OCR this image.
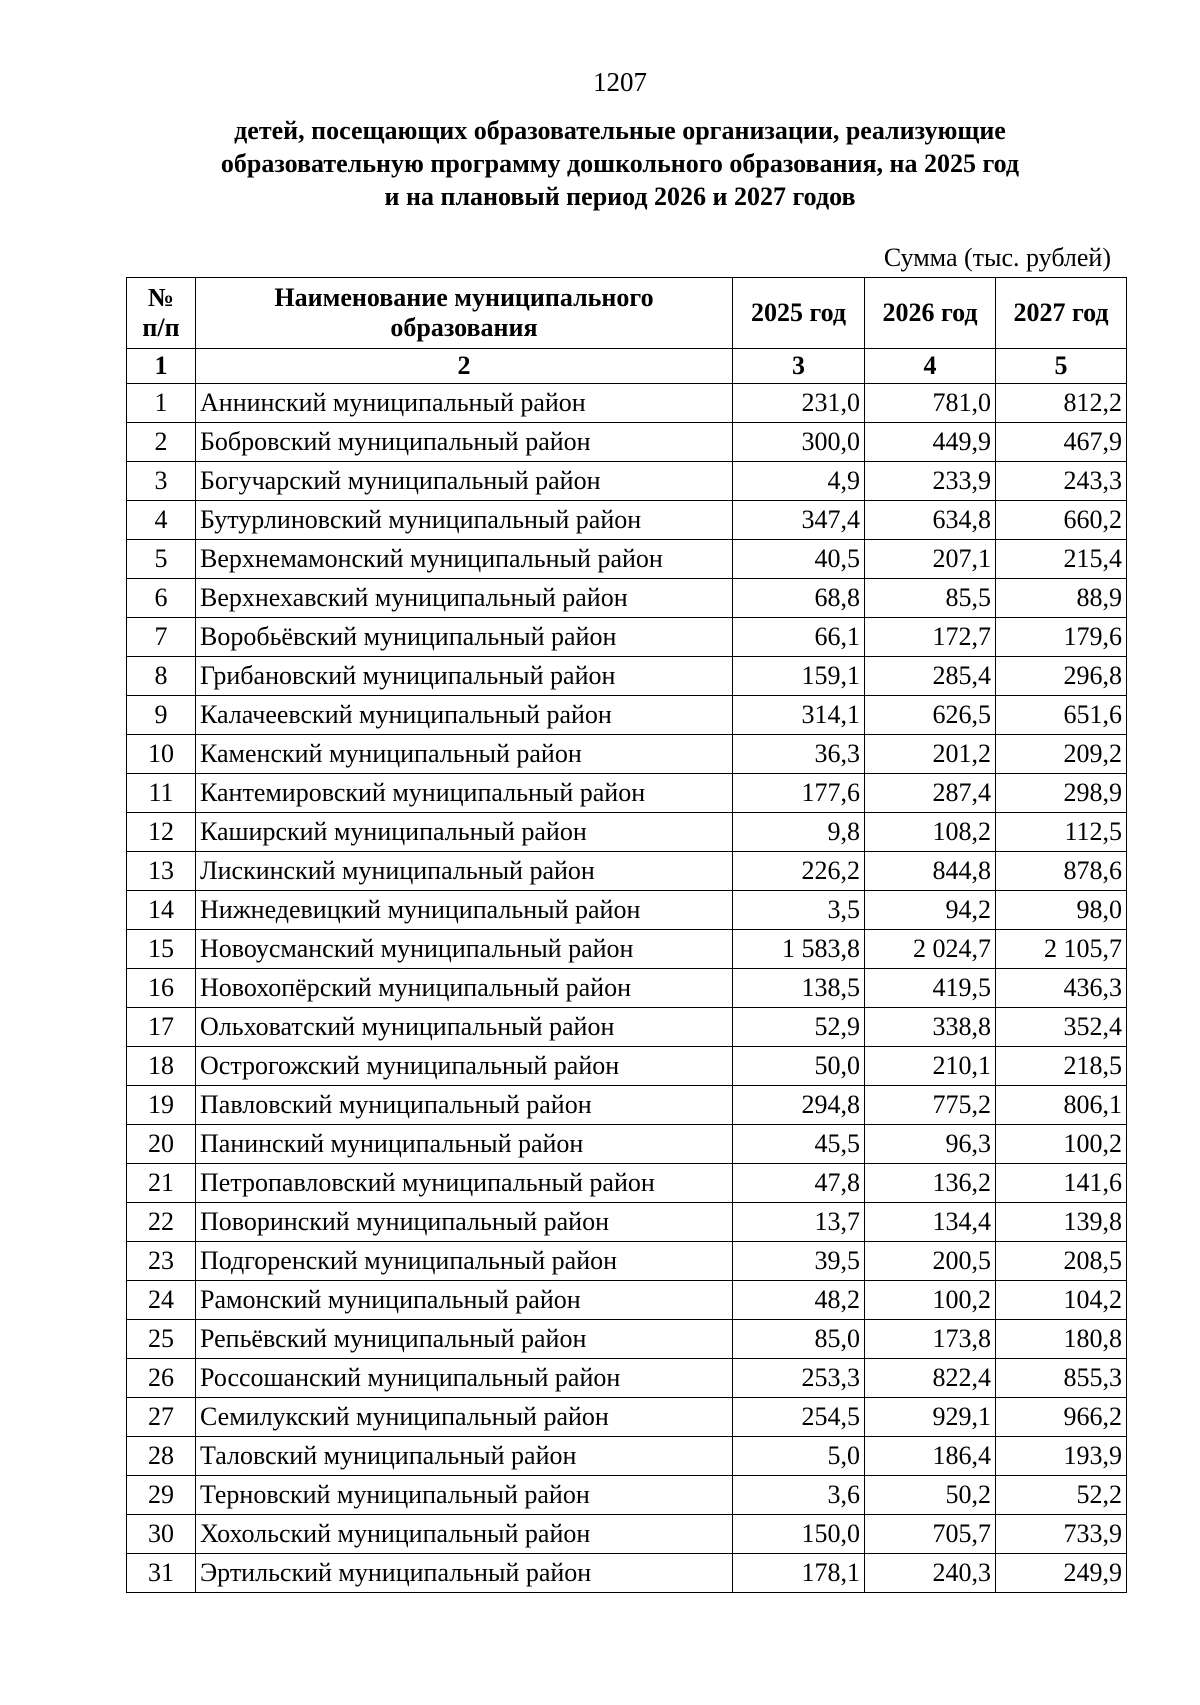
1207
детей, посещающих образовательные организации, реализующие
образовательную программу дошкольного образования, на 2025 год
и на плановый период 2026 и 2027 годов
Сумма (тыс. рублей)
№ п/п	Наименование муниципального образования	2025 год	2026 год	2027 год
1	2	3	4	5
1	Аннинский муниципальный район	231,0	781,0	812,2
2	Бобровский муниципальный район	300,0	449,9	467,9
3	Богучарский муниципальный район	4,9	233,9	243,3
4	Бутурлиновский муниципальный район	347,4	634,8	660,2
5	Верхнемамонский муниципальный район	40,5	207,1	215,4
6	Верхнехавский муниципальный район	68,8	85,5	88,9
7	Воробьёвский муниципальный район	66,1	172,7	179,6
8	Грибановский муниципальный район	159,1	285,4	296,8
9	Калачеевский муниципальный район	314,1	626,5	651,6
10	Каменский муниципальный район	36,3	201,2	209,2
11	Кантемировский муниципальный район	177,6	287,4	298,9
12	Каширский муниципальный район	9,8	108,2	112,5
13	Лискинский муниципальный район	226,2	844,8	878,6
14	Нижнедевицкий муниципальный район	3,5	94,2	98,0
15	Новоусманский муниципальный район	1 583,8	2 024,7	2 105,7
16	Новохопёрский муниципальный район	138,5	419,5	436,3
17	Ольховатский муниципальный район	52,9	338,8	352,4
18	Острогожский муниципальный район	50,0	210,1	218,5
19	Павловский муниципальный район	294,8	775,2	806,1
20	Панинский муниципальный район	45,5	96,3	100,2
21	Петропавловский муниципальный район	47,8	136,2	141,6
22	Поворинский муниципальный район	13,7	134,4	139,8
23	Подгоренский муниципальный район	39,5	200,5	208,5
24	Рамонский муниципальный район	48,2	100,2	104,2
25	Репьёвский муниципальный район	85,0	173,8	180,8
26	Россошанский муниципальный район	253,3	822,4	855,3
27	Семилукский муниципальный район	254,5	929,1	966,2
28	Таловский муниципальный район	5,0	186,4	193,9
29	Терновский муниципальный район	3,6	50,2	52,2
30	Хохольский муниципальный район	150,0	705,7	733,9
31	Эртильский муниципальный район	178,1	240,3	249,9
